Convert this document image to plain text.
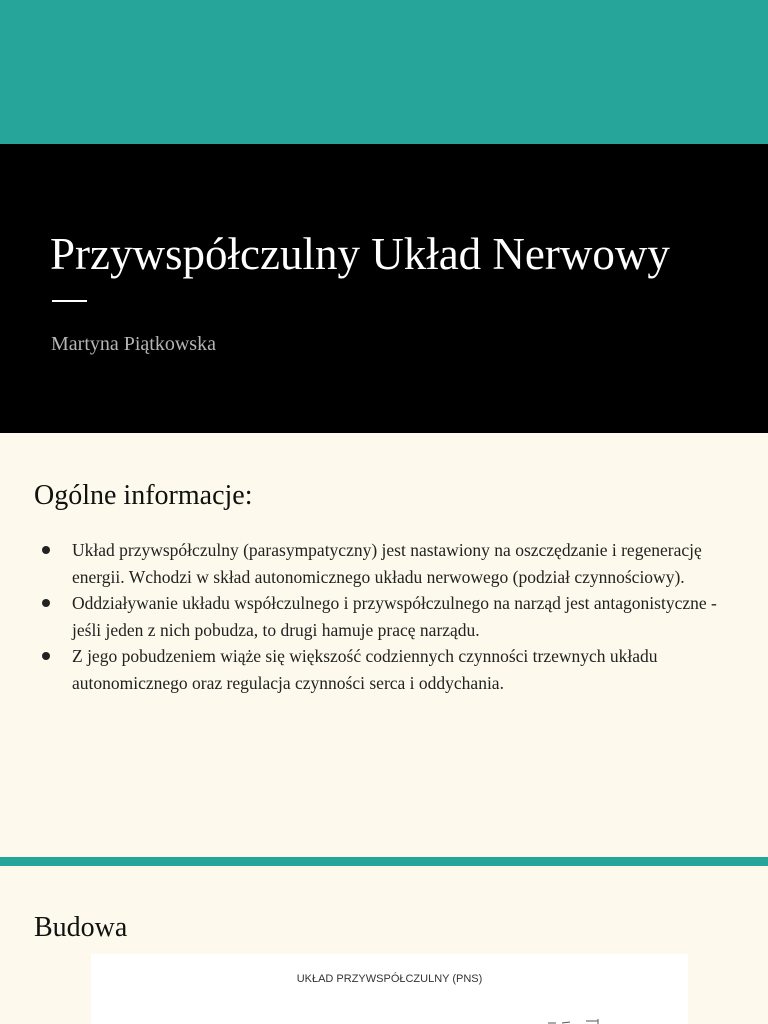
Przywspółczulny Układ Nerwowy
Martyna Piątkowska
Ogólne informacje:
Układ przywspółczulny (parasympatyczny) jest nastawiony na oszczędzanie i regenerację energii. Wchodzi w skład autonomicznego układu nerwowego (podział czynnościowy).
Oddziaływanie układu współczulnego i przywspółczulnego na narząd jest antagonistyczne - jeśli jeden z nich pobudza, to drugi hamuje pracę narządu.
Z jego pobudzeniem wiąże się większość codziennych czynności trzewnych układu autonomicznego oraz regulacja czynności serca i oddychania.
Budowa
UKŁAD PRZYWSPÓŁCZULNY (PNS)
